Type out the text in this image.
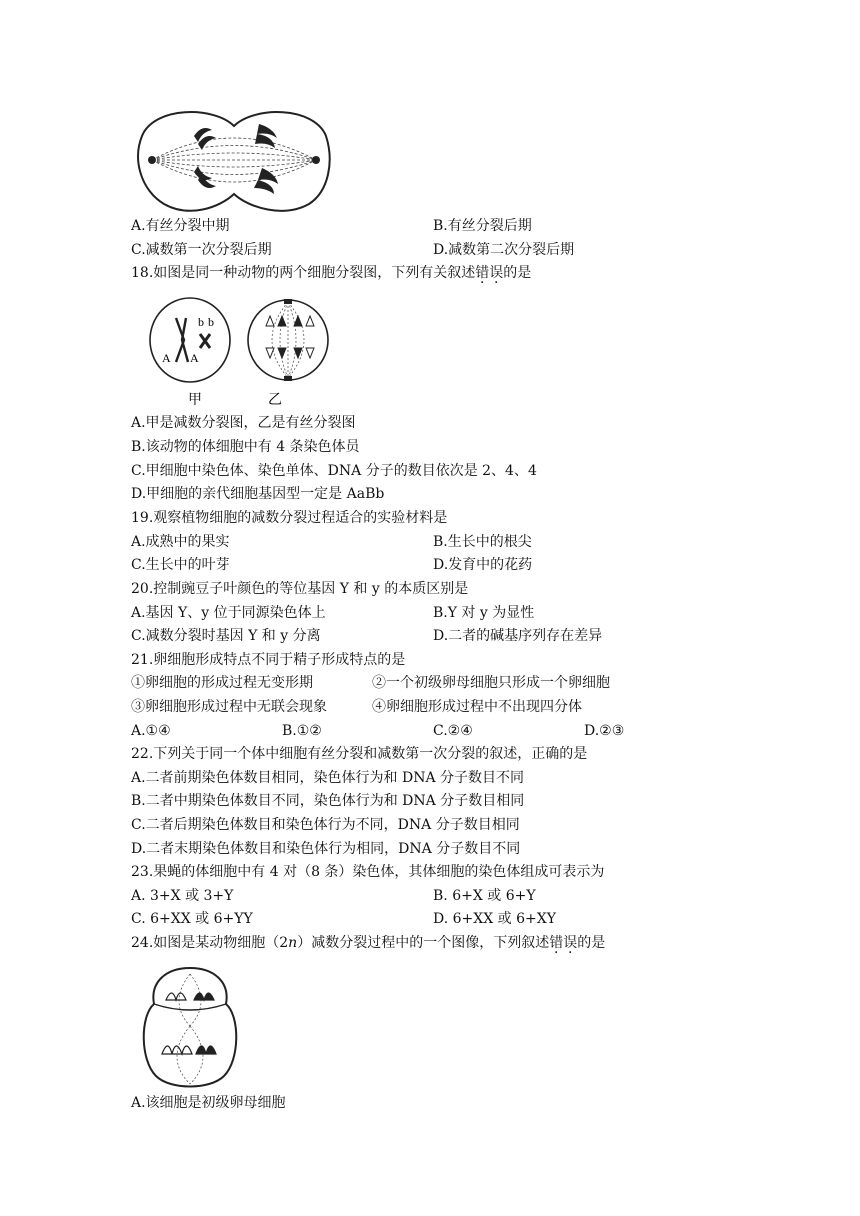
A.有丝分裂中期	B.有丝分裂后期
C.减数第一次分裂后期	D.减数第二次分裂后期
18.如图是同一种动物的两个细胞分裂图，下列有关叙述错误的是
A A
b b
甲	乙
A.甲是减数分裂图，乙是有丝分裂图
B.该动物的体细胞中有 4 条染色体员
C.甲细胞中染色体、染色单体、DNA 分子的数目依次是 2、4、4
D.甲细胞的亲代细胞基因型一定是 AaBb
19.观察植物细胞的减数分裂过程适合的实验材料是
A.成熟中的果实	B.生长中的根尖
C.生长中的叶芽	D.发育中的花药
20.控制豌豆子叶颜色的等位基因 Y 和 y 的本质区别是
A.基因 Y、y 位于同源染色体上	B.Y 对 y 为显性
C.减数分裂时基因 Y 和 y 分离	D.二者的碱基序列存在差异
21.卵细胞形成特点不同于精子形成特点的是
①卵细胞的形成过程无变形期	②一个初级卵母细胞只形成一个卵细胞
③卵细胞形成过程中无联会现象	④卵细胞形成过程中不出现四分体
A.①④	B.①②	C.②④	D.②③
22.下列关于同一个体中细胞有丝分裂和减数第一次分裂的叙述，正确的是
A.二者前期染色体数目相同，染色体行为和 DNA 分子数目不同
B.二者中期染色体数目不同，染色体行为和 DNA 分子数目相同
C.二者后期染色体数目和染色体行为不同，DNA 分子数目相同
D.二者末期染色体数目和染色体行为相同，DNA 分子数目不同
23.果蝇的体细胞中有 4 对（8 条）染色体，其体细胞的染色体组成可表示为
A. 3+X 或 3+Y	B. 6+X 或 6+Y
C. 6+XX 或 6+YY	D. 6+XX 或 6+XY
24.如图是某动物细胞（2n）减数分裂过程中的一个图像，下列叙述错误的是
A.该细胞是初级卵母细胞
